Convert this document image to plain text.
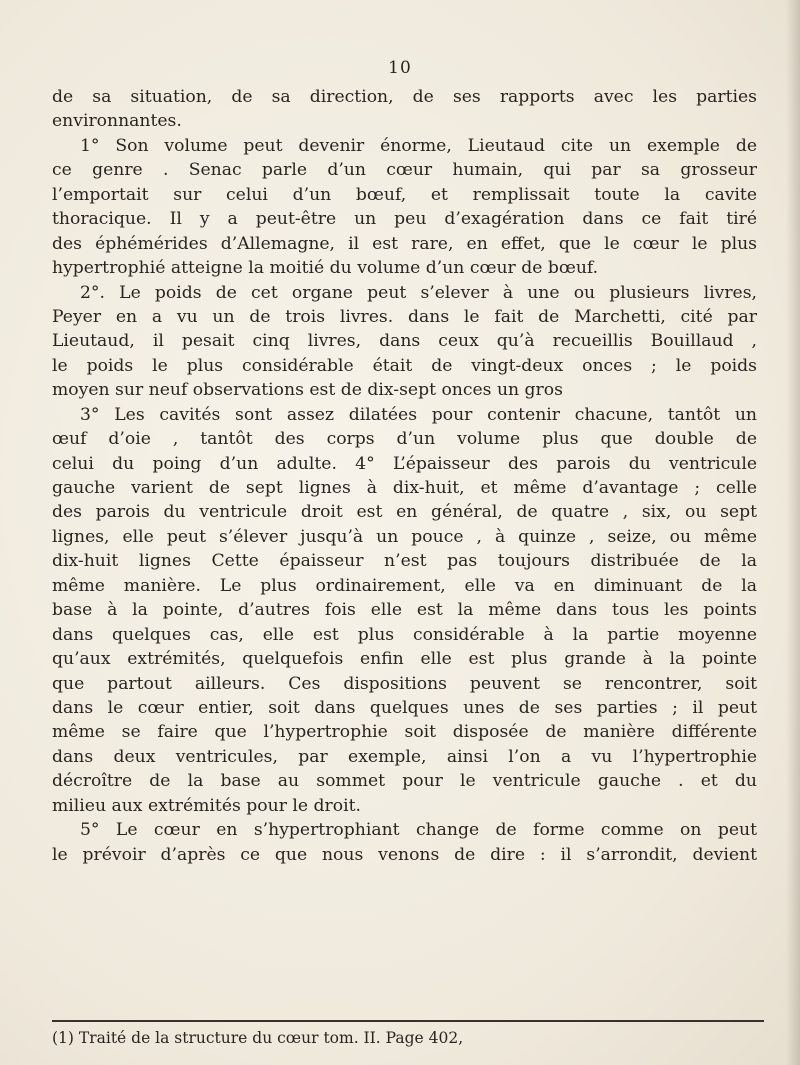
10
de sa situation, de sa direction, de ses rapports avec les parties
environnantes.
1° Son volume peut devenir énorme, Lieutaud cite un exemple de
ce genre . Senac parle d’un cœur humain, qui par sa grosseur
l’emportait sur celui d’un bœuf, et remplissait toute la cavite
thoracique. Il y a peut-être un peu d’exagération dans ce fait tiré
des éphémérides d’Allemagne, il est rare, en effet, que le cœur le plus
hypertrophié atteigne la moitié du volume d’un cœur de bœuf.
2°. Le poids de cet organe peut s’elever à une ou plusieurs livres,
Peyer en a vu un de trois livres. dans le fait de Marchetti, cité par
Lieutaud, il pesait cinq livres, dans ceux qu’à recueillis Bouillaud ,
le poids le plus considérable était de vingt-deux onces ; le poids
moyen sur neuf observations est de dix-sept onces un gros
3° Les cavités sont assez dilatées pour contenir chacune, tantôt un
œuf d’oie , tantôt des corps d’un volume plus que double de
celui du poing d’un adulte. 4° L’épaisseur des parois du ventricule
gauche varient de sept lignes à dix-huit, et même d’avantage ; celle
des parois du ventricule droit est en général, de quatre , six, ou sept
lignes, elle peut s’élever jusqu’à un pouce , à quinze , seize, ou même
dix-huit lignes Cette épaisseur n’est pas toujours distribuée de la
même manière. Le plus ordinairement, elle va en diminuant de la
base à la pointe, d’autres fois elle est la même dans tous les points
dans quelques cas, elle est plus considérable à la partie moyenne
qu’aux extrémités, quelquefois enfin elle est plus grande à la pointe
que partout ailleurs. Ces dispositions peuvent se rencontrer, soit
dans le cœur entier, soit dans quelques unes de ses parties ; il peut
même se faire que l’hypertrophie soit disposée de manière différente
dans deux ventricules, par exemple, ainsi l’on a vu l’hypertrophie
décroître de la base au sommet pour le ventricule gauche . et du
milieu aux extrémités pour le droit.
5° Le cœur en s’hypertrophiant change de forme comme on peut
le prévoir d’après ce que nous venons de dire : il s’arrondit, devient
(1) Traité de la structure du cœur tom. II. Page 402,
